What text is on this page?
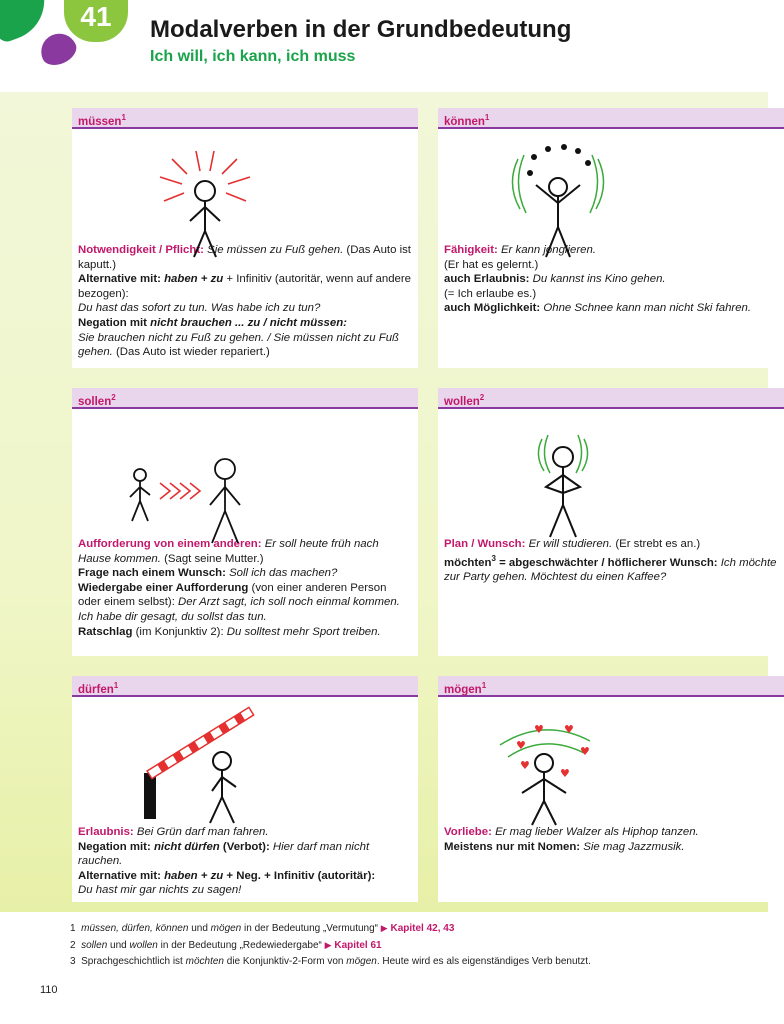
41	Modalverben in der Grundbedeutung
Ich will, ich kann, ich muss
müssen$^1$
Notwendigkeit / Pflicht: Sie müssen zu Fuß gehen. (Das Auto ist kaputt.)
Alternative mit: haben + zu + Infinitiv (autoritär, wenn auf andere bezogen):
Du hast das sofort zu tun. Was habe ich zu tun?
Negation mit nicht brauchen ... zu / nicht müssen:
Sie brauchen nicht zu Fuß zu gehen. / Sie müssen nicht zu Fuß gehen. (Das Auto ist wieder repariert.)
können$^1$
Fähigkeit: Er kann jonglieren.
(Er hat es gelernt.)
auch Erlaubnis: Du kannst ins Kino gehen.
(= Ich erlaube es.)
auch Möglichkeit: Ohne Schnee kann man nicht Ski fahren.
sollen$^2$
Aufforderung von einem anderen: Er soll heute früh nach Hause kommen. (Sagt seine Mutter.)
Frage nach einem Wunsch: Soll ich das machen?
Wiedergabe einer Aufforderung (von einer anderen Person oder einem selbst): Der Arzt sagt, ich soll noch einmal kommen.
Ich habe dir gesagt, du sollst das tun.
Ratschlag (im Konjunktiv 2): Du solltest mehr Sport treiben.
wollen$^2$
Plan / Wunsch: Er will studieren. (Er strebt es an.)
möchten$^3$ = abgeschwächter / höflicherer Wunsch: Ich möchte zur Party gehen. Möchtest du einen Kaffee?
dürfen$^1$
Erlaubnis: Bei Grün darf man fahren.
Negation mit: nicht dürfen (Verbot): Hier darf man nicht rauchen.
Alternative mit: haben + zu + Neg. + Infinitiv (autoritär):
Du hast mir gar nichts zu sagen!
mögen$^1$
♥
♥ ♥
♥
♥
♥
Vorliebe: Er mag lieber Walzer als Hiphop tanzen.
Meistens nur mit Nomen: Sie mag Jazzmusik.
1 müssen, dürfen, können und mögen in der Bedeutung „Vermutung“ ▶ Kapitel 42, 43
2 sollen und wollen in der Bedeutung „Redewiedergabe“ ▶ Kapitel 61
3 Sprachgeschichtlich ist möchten die Konjunktiv-2-Form von mögen. Heute wird es als eigenständiges Verb benutzt.
110
